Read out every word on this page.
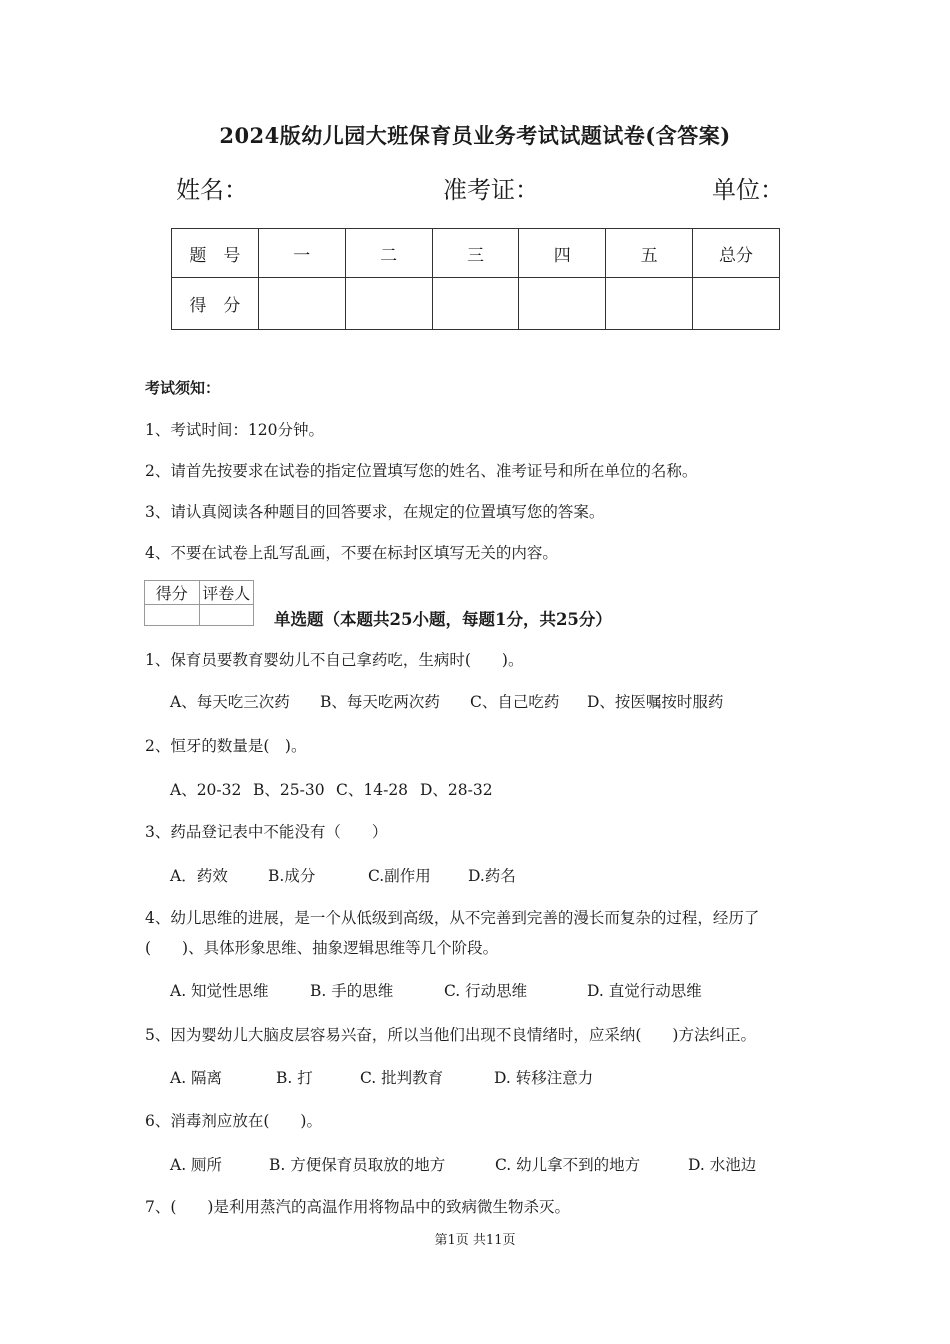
2024版幼儿园大班保育员业务考试试题试卷(含答案)
姓名：	准考证：	单位：
题　号	一	二	三	四	五	总分
得　分						
考试须知：
1、考试时间：120分钟。
2、请首先按要求在试卷的指定位置填写您的姓名、准考证号和所在单位的名称。
3、请认真阅读各种题目的回答要求，在规定的位置填写您的答案。
4、不要在试卷上乱写乱画，不要在标封区填写无关的内容。
得分	评卷人

单选题（本题共25小题，每题1分，共25分）
1、保育员要教育婴幼儿不自己拿药吃，生病时(　　)。
A、每天吃三次药 B、每天吃两次药 C、自己吃药 D、按医嘱按时服药
2、恒牙的数量是(　)。
A、20-32 B、25-30 C、14-28 D、28-32
3、药品登记表中不能没有（　　）
A．药效	B.成分	C.副作用 D.药名
4、幼儿思维的进展，是一个从低级到高级，从不完善到完善的漫长而复杂的过程，经历了
(　　)、具体形象思维、抽象逻辑思维等几个阶段。
A. 知觉性思维	B. 手的思维	C. 行动思维	D. 直觉行动思维
5、因为婴幼儿大脑皮层容易兴奋，所以当他们出现不良情绪时，应采纳(　　)方法纠正。
A. 隔离	B. 打	C. 批判教育	D. 转移注意力
6、消毒剂应放在(　　)。
A. 厕所	B. 方便保育员取放的地方	C. 幼儿拿不到的地方	D. 水池边
7、(　　)是利用蒸汽的高温作用将物品中的致病微生物杀灭。
第1页 共11页
